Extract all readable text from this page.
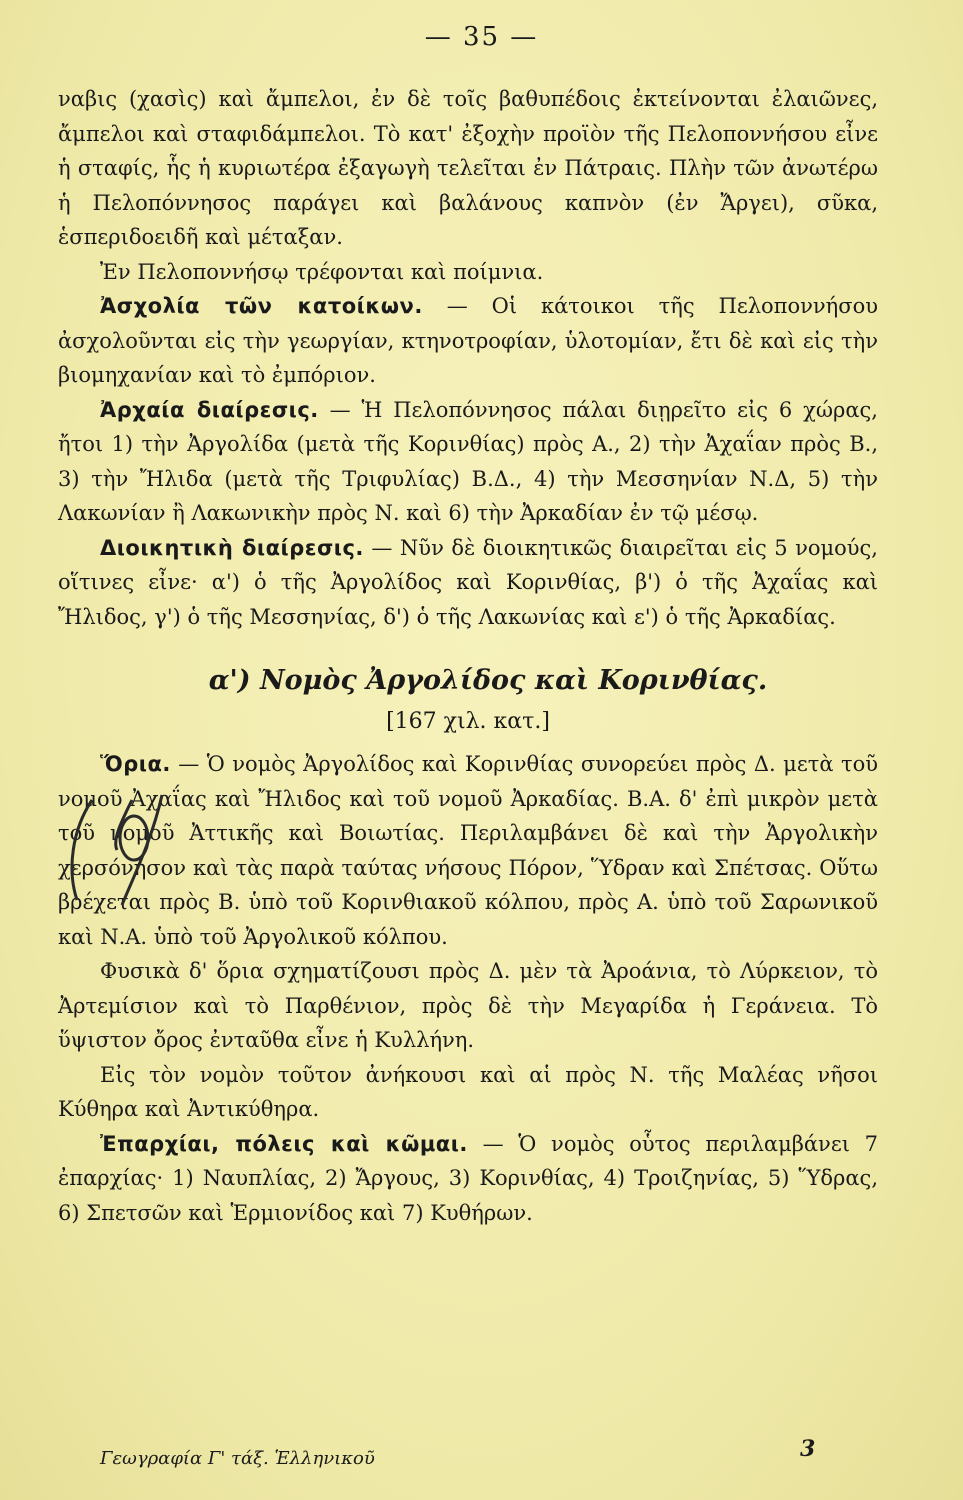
— 35 —

ναβις (χασὶς) καὶ ἄμπελοι, ἐν δὲ τοῖς βαθυπέδοις ἐκτείνονται ἐλαιῶνες, ἄμπελοι καὶ σταφιδάμπελοι. Τὸ κατ' ἐξοχὴν προϊὸν τῆς Πελοποννήσου εἶνε ἡ σταφίς, ἧς ἡ κυριωτέρα ἐξαγωγὴ τελεῖται ἐν Πάτραις. Πλὴν τῶν ἀνωτέρω ἡ Πελοπόννησος παράγει καὶ βαλάνους καπνὸν (ἐν Ἄργει), σῦκα, ἑσπεριδοειδῆ καὶ μέταξαν.

Ἐν Πελοποννήσῳ τρέφονται καὶ ποίμνια.

Ἀσχολία τῶν κατοίκων. — Οἱ κάτοικοι τῆς Πελοποννήσου ἀσχολοῦνται εἰς τὴν γεωργίαν, κτηνοτροφίαν, ὑλοτομίαν, ἔτι δὲ καὶ εἰς τὴν βιομηχανίαν καὶ τὸ ἐμπόριον.

Ἀρχαία διαίρεσις. — Ἡ Πελοπόννησος πάλαι διῃρεῖτο εἰς 6 χώρας, ἤτοι 1) τὴν Ἀργολίδα (μετὰ τῆς Κορινθίας) πρὸς Α., 2) τὴν Ἀχαΐαν πρὸς Β., 3) τὴν Ἤλιδα (μετὰ τῆς Τριφυλίας) Β.Δ., 4) τὴν Μεσσηνίαν Ν.Δ, 5) τὴν Λακωνίαν ἢ Λακωνικὴν πρὸς Ν. καὶ 6) τὴν Ἀρκαδίαν ἐν τῷ μέσῳ.

Διοικητικὴ διαίρεσις. — Νῦν δὲ διοικητικῶς διαιρεῖται εἰς 5 νομούς, οἵτινες εἶνε· α') ὁ τῆς Ἀργολίδος καὶ Κορινθίας, β') ὁ τῆς Ἀχαΐας καὶ Ἤλιδος, γ') ὁ τῆς Μεσσηνίας, δ') ὁ τῆς Λακωνίας καὶ ε') ὁ τῆς Ἀρκαδίας.

α') Νομὸς Ἀργολίδος καὶ Κορινθίας.
[167 χιλ. κατ.]

Ὅρια. — Ὁ νομὸς Ἀργολίδος καὶ Κορινθίας συνορεύει πρὸς Δ. μετὰ τοῦ νομοῦ Ἀχαΐας καὶ Ἤλιδος καὶ τοῦ νομοῦ Ἀρκαδίας. Β.Α. δ' ἐπὶ μικρὸν μετὰ τοῦ νομοῦ Ἀττικῆς καὶ Βοιωτίας. Περιλαμβάνει δὲ καὶ τὴν Ἀργολικὴν χερσόνησον καὶ τὰς παρὰ ταύτας νήσους Πόρον, Ὕδραν καὶ Σπέτσας. Οὕτω βρέχεται πρὸς Β. ὑπὸ τοῦ Κορινθιακοῦ κόλπου, πρὸς Α. ὑπὸ τοῦ Σαρωνικοῦ καὶ Ν.Α. ὑπὸ τοῦ Ἀργολικοῦ κόλπου.

Φυσικὰ δ' ὅρια σχηματίζουσι πρὸς Δ. μὲν τὰ Ἀροάνια, τὸ Λύρκειον, τὸ Ἀρτεμίσιον καὶ τὸ Παρθένιον, πρὸς δὲ τὴν Μεγαρίδα ἡ Γεράνεια. Τὸ ὕψιστον ὄρος ἐνταῦθα εἶνε ἡ Κυλλήνη.

Εἰς τὸν νομὸν τοῦτον ἀνήκουσι καὶ αἱ πρὸς Ν. τῆς Μαλέας νῆσοι Κύθηρα καὶ Ἀντικύθηρα.

Ἐπαρχίαι, πόλεις καὶ κῶμαι. — Ὁ νομὸς οὗτος περιλαμβάνει 7 ἐπαρχίας· 1) Ναυπλίας, 2) Ἄργους, 3) Κορινθίας, 4) Τροιζηνίας, 5) Ὕδρας, 6) Σπετσῶν καὶ Ἑρμιονίδος καὶ 7) Κυθήρων.

Γεωγραφία Γ' τάξ. Ἑλληνικοῦ	3
